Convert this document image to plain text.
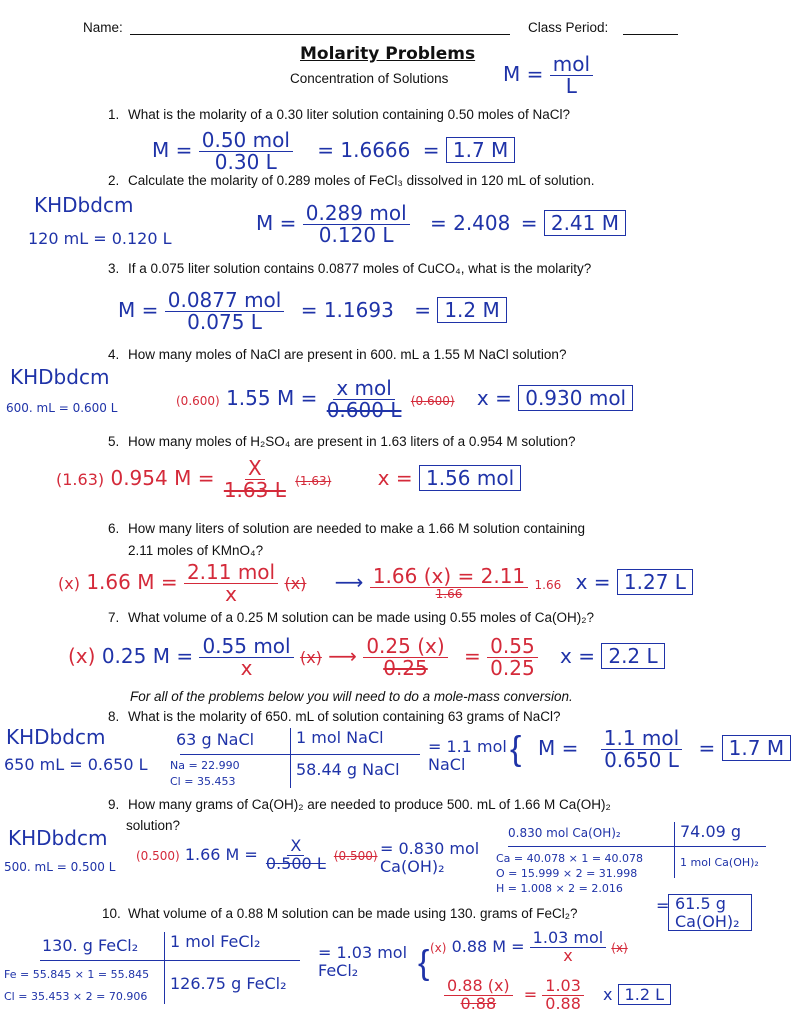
Name:	Class Period:
Molarity Problems
Concentration of Solutions	$M = \frac{\text{mol}}{L}$
1. What is the molarity of a 0.30 liter solution containing 0.50 moles of NaCl?
$M = \frac{\text{0.50 mol}}{0.30 L} = 1.6666 = 1.7$ M
2. Calculate the molarity of 0.289 moles of FeCl₃ dissolved in 120 mL of solution.
KHDbdcm
120 mL = 0.120 L
$M = \frac{\text{0.289 mol}}{0.120 L} = 2.408 = 2.41$ M
3. If a 0.075 liter solution contains 0.0877 moles of CuCO₄, what is the molarity?
$M = \frac{\text{0.0877 mol}}{0.075 L} = 1.1693 = 1.2$ M
4. How many moles of NaCl are present in 600. mL a 1.55 M NaCl solution?
KHDbdcm
600. mL = 0.600 L	(0.600) 1.55 $M = \frac{\text{x mol}}{0.600 L} (0.600) x = 0.930$ mol
5. How many moles of H₂SO₄ are present in 1.63 liters of a 0.954 M solution?
(1.63) 0.954 $M = \frac{X}{1.63 L} (1.63) x = 1.56$ mol
6. How many liters of solution are needed to make a 1.66 M solution containing
2.11 moles of KMnO₄?
(x) 1.66 $M = \frac{\text{2.11 mol}}{x} (x)$ ⟶ $\frac{1.66 (x) = 2.11}{1.66} 1.66$ x = 1.27 L
7. What volume of a 0.25 M solution can be made using 0.55 moles of Ca(OH)₂?
(x) 0.25 $M = \frac{\text{0.55 mol}}{x} (x)$ ⟶ $\frac{0.25 (x)}{0.25} = \frac{0.55}{0.25}$ x = 2.2 L
For all of the problems below you will need to do a mole-mass conversion.
8. What is the molarity of 650. mL of solution containing 63 grams of NaCl?
KHDbdcm
650 mL = 0.650 L
63 g NaCl	1 mol NaCl
58.44 g NaCl
Na = 22.990
Cl = 35.453
= 1.1 mol NaCl	{ $M = \frac{\text{1.1 mol}}{0.650 L} = 1.7$ M
9. How many grams of Ca(OH)₂ are needed to produce 500. mL of 1.66 M Ca(OH)₂
solution?
KHDbdcm
500. mL = 0.500 L
(0.500) 1.66 $M = \frac{X}{0.500 L} (0.500) = 0.830$ mol Ca(OH)₂
0.830 mol Ca(OH)₂	74.09 g
1 mol Ca(OH)₂
Ca = 40.078 × 1 = 40.078
O = 15.999 × 2 = 31.998
H = 1.008 × 2 = 2.016
= 61.5 g Ca(OH)₂
10. What volume of a 0.88 M solution can be made using 130. grams of FeCl₂?
130. g FeCl₂ 1 mol FeCl₂
126.75 g FeCl₂
Fe = 55.845 × 1 = 55.845
Cl = 35.453 × 2 = 70.906
= 1.03 mol FeCl₂	{ (x) 0.88 $M = \frac{\text{1.03 mol}}{x} (x)$
$\frac{0.88 (x)}{0.88} = \frac{1.03}{0.88}$ x 1.2 L
